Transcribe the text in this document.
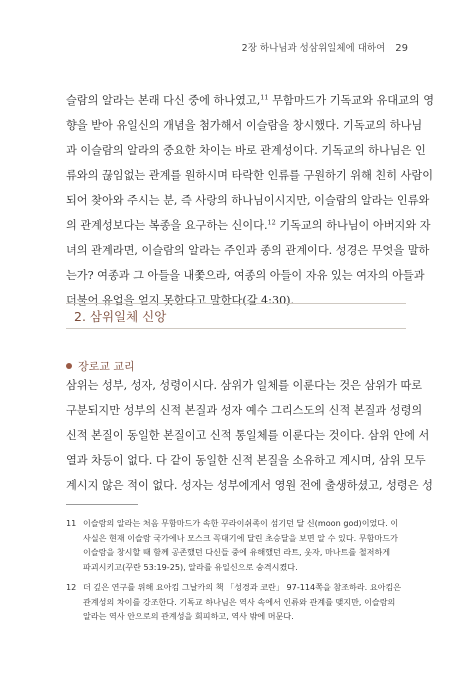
2장 하나님과 성삼위일체에 대하여 29
슬람의 알라는 본래 다신 중에 하나였고,$^{11}$ 무함마드가 기독교와 유대교의 영
향을 받아 유일신의 개념을 첨가해서 이슬람을 창시했다. 기독교의 하나님
과 이슬람의 알라의 중요한 차이는 바로 관계성이다. 기독교의 하나님은 인
류와의 끊임없는 관계를 원하시며 타락한 인류를 구원하기 위해 친히 사람이
되어 찾아와 주시는 분, 즉 사랑의 하나님이시지만, 이슬람의 알라는 인류와
의 관계성보다는 복종을 요구하는 신이다.$^{12}$ 기독교의 하나님이 아버지와 자
녀의 관계라면, 이슬람의 알라는 주인과 종의 관계이다. 성경은 무엇을 말하
는가? 여종과 그 아들을 내쫓으라, 여종의 아들이 자유 있는 여자의 아들과
더불어 유업을 얻지 못한다고 말한다(갈 4:30).
2. 삼위일체 신앙
장로교 교리
삼위는 성부, 성자, 성령이시다. 삼위가 일체를 이룬다는 것은 삼위가 따로
구분되지만 성부의 신적 본질과 성자 예수 그리스도의 신적 본질과 성령의
신적 본질이 동일한 본질이고 신적 통일체를 이룬다는 것이다. 삼위 안에 서
열과 차등이 없다. 다 같이 동일한 신적 본질을 소유하고 계시며, 삼위 모두
계시지 않은 적이 없다. 성자는 성부에게서 영원 전에 출생하셨고, 성령은 성
11 이슬람의 알라는 처음 무함마드가 속한 꾸라이쉬족이 섬기던 달 신(moon god)이었다. 이
사실은 현재 이슬람 국가에나 모스크 꼭대기에 달린 초승달을 보면 알 수 있다. 무함마드가
이슬람을 창시할 때 함께 공존했던 다신들 중에 유해했던 라트, 웃자, 마나트를 철저하게
파괴시키고(꾸란 53:19-25), 알라를 유일신으로 숭격시켰다.
12 더 깊은 연구를 위해 요아킴 그날카의 책 「성경과 코란」 97-114쪽을 참조하라. 요아킴은
관계성의 차이를 강조한다. 기독교 하나님은 역사 속에서 인류와 관계를 맺지만, 이슬람의
알라는 역사 안으로의 관계성을 회피하고, 역사 밖에 머문다.
